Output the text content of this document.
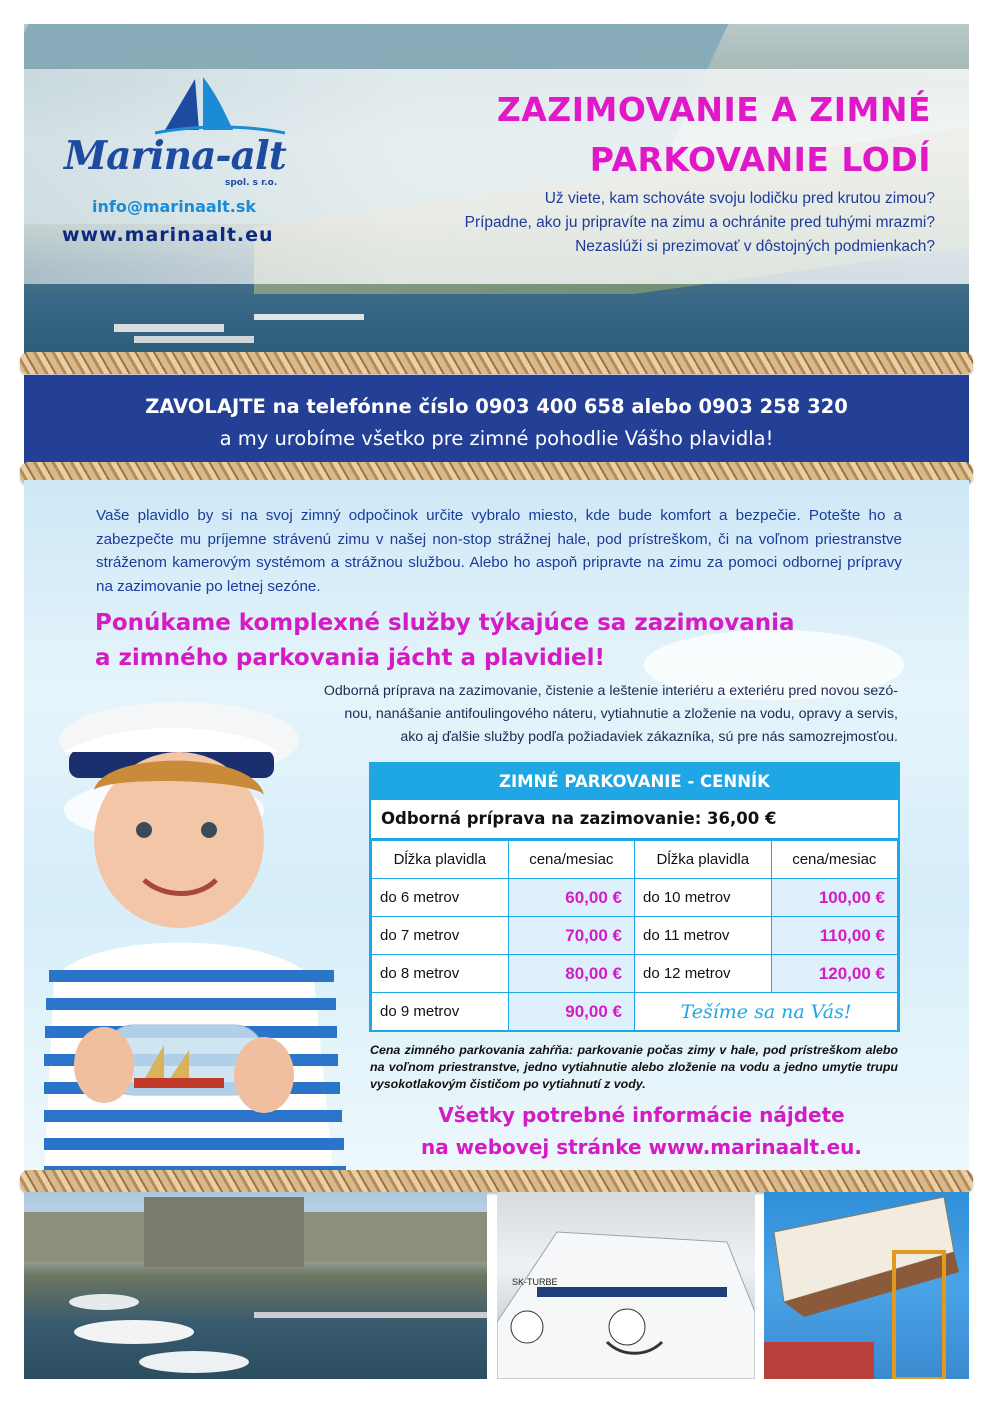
Marina-alt
spol. s r.o.
info@marinaalt.sk
www.marinaalt.eu
ZAZIMOVANIE A ZIMNÉ
PARKOVANIE LODÍ
Už viete, kam schováte svoju lodičku pred krutou zimou?
Prípadne, ako ju pripravíte na zimu a ochránite pred tuhými mrazmi?
Nezaslúži si prezimovať v dôstojných podmienkach?
ZAVOLAJTE na telefónne číslo 0903 400 658 alebo 0903 258 320
a my urobíme všetko pre zimné pohodlie Vášho plavidla!
Vaše plavidlo by si na svoj zimný odpočinok určite vybralo miesto, kde bude komfort a bezpečie. Potešte ho a zabezpečte mu príjemne strávenú zimu v našej non-stop strážnej hale, pod prístreškom, či na voľnom priestranstve stráženom kamerovým systémom a strážnou službou. Alebo ho aspoň pripravte na zimu za pomoci odbornej prípravy na zazimovanie po letnej sezóne.
Ponúkame komplexné služby týkajúce sa zazimovania
a zimného parkovania jácht a plavidiel!
Odborná príprava na zazimovanie, čistenie a leštenie interiéru a exteriéru pred novou sezó-
nou, nanášanie antifoulingového náteru, vytiahnutie a zloženie na vodu, opravy a servis,
ako aj ďalšie služby podľa požiadaviek zákazníka, sú pre nás samozrejmosťou.
ZIMNÉ PARKOVANIE - CENNÍK
Odborná príprava na zazimovanie: 36,00 €
Dĺžka plavidla	cena/mesiac	Dĺžka plavidla	cena/mesiac
do 6 metrov	60,00 €	do 10 metrov	100,00 €
do 7 metrov	70,00 €	do 11 metrov	110,00 €
do 8 metrov	80,00 €	do 12 metrov	120,00 €
do 9 metrov	90,00 €	Tešíme sa na Vás!	
Cena zimného parkovania zahŕňa: parkovanie počas zimy v hale, pod prístreškom alebo na voľnom priestranstve, jedno vytiahnutie alebo zloženie na vodu a jedno umytie trupu vysokotlakovým čističom po vytiahnutí z vody.
Všetky potrebné informácie nájdete
na webovej stránke www.marinaalt.eu.
SK-TURBE
